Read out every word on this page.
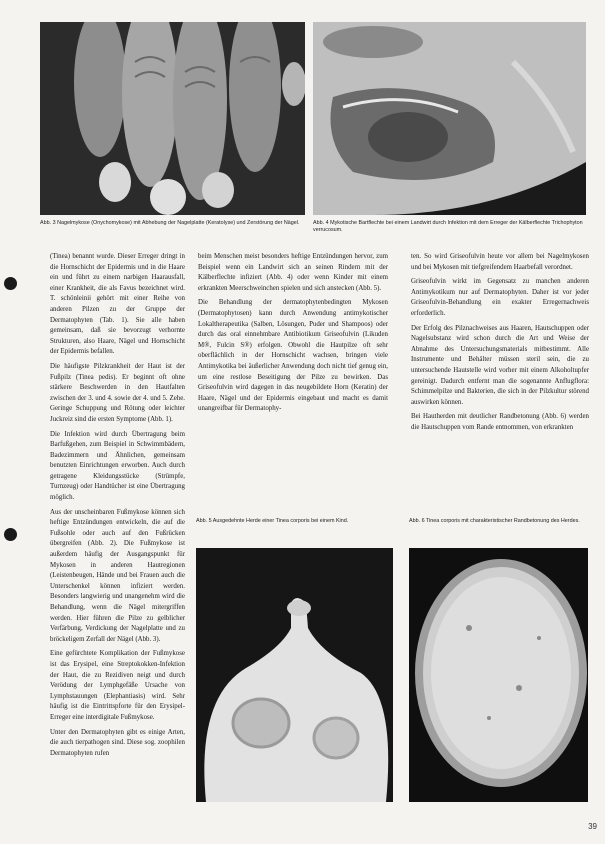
Abb. 3 Nagelmykose (Onychomykose) mit Abhebung der Nagelplatte (Keratolyse) und Zerstörung der Nägel.	Abb. 4 Mykotische Bartflechte bei einem Landwirt durch Infektion mit dem Erreger der Kälberflechte Trichophyton verrucosum.

(Tinea) benannt wurde. Dieser Erreger dringt in die Hornschicht der Epidermis und in die Haare ein und führt zu einem narbigen Haarausfall, einer Krankheit, die als Favus bezeichnet wird. T. schönleinii gehört mit einer Reihe von anderen Pilzen zu der Gruppe der Dermatophyten (Tab. 1). Sie alle haben gemeinsam, daß sie bevorzugt verhornte Strukturen, also Haare, Nägel und Hornschicht der Epidermis befallen.

Die häufigste Pilzkrankheit der Haut ist der Fußpilz (Tinea pedis). Er beginnt oft ohne stärkere Beschwerden in den Hautfalten zwischen der 3. und 4. sowie der 4. und 5. Zehe. Geringe Schuppung und Rötung oder leichter Juckreiz sind die ersten Symptome (Abb. 1).

Die Infektion wird durch Übertragung beim Barfußgehen, zum Beispiel in Schwimmbädern, Badezimmern und Ähnlichen, gemeinsam benutzten Einrichtungen erworben. Auch durch getragene Kleidungsstücke (Strümpfe, Turnzeug) oder Handtücher ist eine Übertragung möglich.

Aus der unscheinbaren Fußmykose können sich heftige Entzündungen entwickeln, die auf die Fußsohle oder auch auf den Fußrücken übergreifen (Abb. 2). Die Fußmykose ist außerdem häufig der Ausgangspunkt für Mykosen in anderen Hautregionen (Leistenbeugen, Hände und bei Frauen auch die Unterschenkel können infiziert werden. Besonders langwierig und unangenehm wird die Behandlung, wenn die Nägel mitergriffen werden. Hier führen die Pilze zu gelblicher Verfärbung, Verdickung der Nagelplatte und zu bröckeligem Zerfall der Nägel (Abb. 3).

Eine gefürchtete Komplikation der Fußmykose ist das Erysipel, eine Streptokokken-Infektion der Haut, die zu Rezidiven neigt und durch Verödung der Lymphgefäße Ursache von Lymphstauungen (Elephantiasis) wird. Sehr häufig ist die Eintrittspforte für den Erysipel-Erreger eine interdigitale Fußmykose.

Unter den Dermatophyten gibt es einige Arten, die auch tierpathogen sind. Diese sog. zoophilen Dermatophyten rufen

beim Menschen meist besonders heftige Entzündungen hervor, zum Beispiel wenn ein Landwirt sich an seinen Rindern mit der Kälberflechte infiziert (Abb. 4) oder wenn Kinder mit einem erkrankten Meerschweinchen spielen und sich anstecken (Abb. 5).

Die Behandlung der dermatophytenbedingten Mykosen (Dermatophytosen) kann durch Anwendung antimykotischer Lokaltherapeutika (Salben, Lösungen, Puder und Shampoos) oder durch das oral einnehmbare Antibiotikum Griseofulvin (Likuden M®, Fulcin S®) erfolgen. Obwohl die Hautpilze oft sehr oberflächlich in der Hornschicht wachsen, bringen viele Antimykotika bei äußerlicher Anwendung doch nicht tief genug ein, um eine restlose Beseitigung der Pilze zu bewirken. Das Griseofulvin wird dagegen in das neugebildete Horn (Keratin) der Haare, Nägel und der Epidermis eingebaut und macht es damit unangreifbar für Dermatophy-

ten. So wird Griseofulvin heute vor allem bei Nagelmykosen und bei Mykosen mit tiefgreifendem Haarbefall verordnet.

Griseofulvin wirkt im Gegensatz zu manchen anderen Antimykotikum nur auf Dermatophyten. Daher ist vor jeder Griseofulvin-Behandlung ein exakter Erregernachweis erforderlich.

Der Erfolg des Pilznachweises aus Haaren, Hautschuppen oder Nagelsubstanz wird schon durch die Art und Weise der Abnahme des Untersuchungsmaterials mitbestimmt. Alle Instrumente und Behälter müssen steril sein, die zu untersuchende Hautstelle wird vorher mit einem Alkoholtupfer gereinigt. Dadurch entfernt man die sogenannte Anflugflora: Schimmelpilze und Bakterien, die sich in der Pilzkultur störend auswirken können.

Bei Hautherden mit deutlicher Randbetonung (Abb. 6) werden die Hautschuppen vom Rande entnommen, von erkrankten

Abb. 5 Ausgedehnte Herde einer Tinea corporis bei einem Kind.	Abb. 6 Tinea corporis mit charakteristischer Randbetonung des Herdes.
39
